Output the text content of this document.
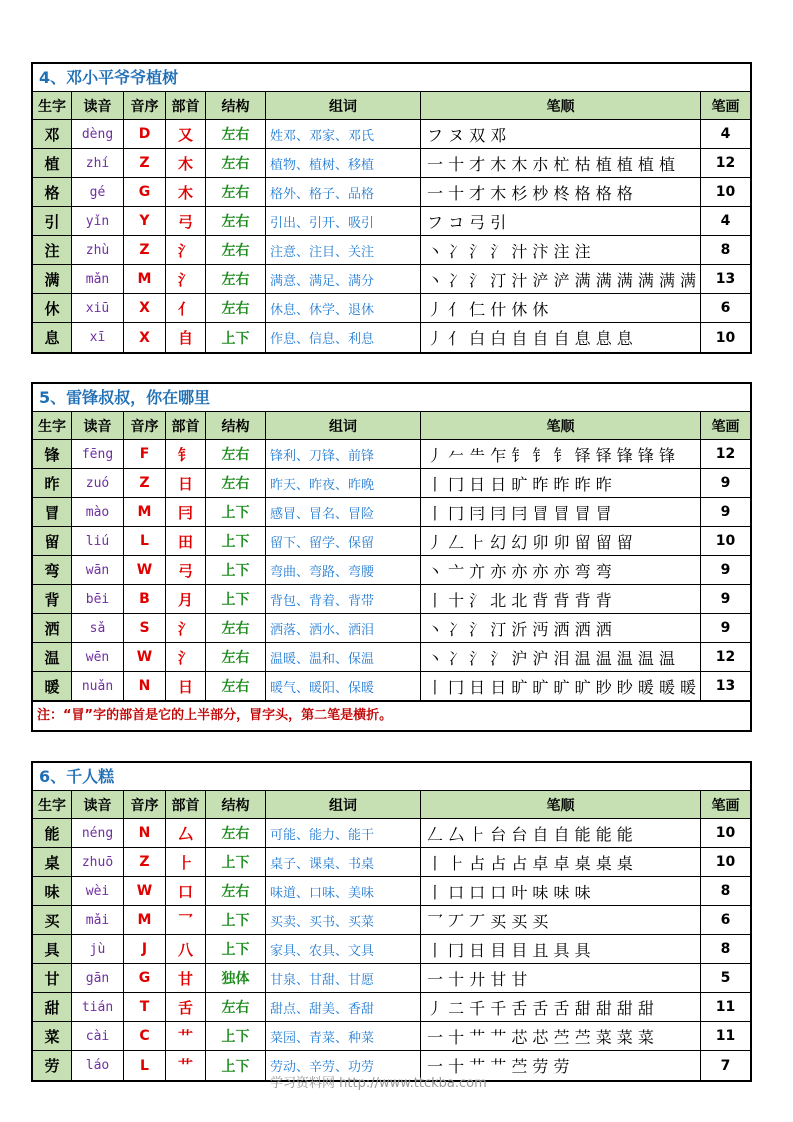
4、邓小平爷爷植树
生字	读音	音序 部首	结构	组词	笔顺	笔画
邓	dèng	D	又	左右	姓邓、邓家、邓氏	フ ヌ 双 邓	4
植	zhí	Z	木	左右	植物、植树、移植	一 十 才 木 木 朩 杧 枯 植 植 植 植	12
格	gé	G	木	左右	格外、格子、品格	一 十 才 木 杉 杪 柊 格 格 格	10
引	yǐn	Y	弓	左右	引出、引开、吸引	フ コ 弓 引	4
注	zhù	Z	氵	左右	注意、注目、关注	丶 冫 氵 氵 汁 汴 注 注	8
满	mǎn	M	氵	左右	满意、满足、满分	丶 冫 氵 汀 汁 浐 浐 满 满 满 满 满 满	13
休	xiū	X	亻	左右	休息、休学、退休	丿 亻 仁 什 休 休	6
息	xī	X	自	上下	作息、信息、利息	丿 亻 白 白 自 自 自 息 息 息	10
5、雷锋叔叔，你在哪里
生字	读音	音序 部首	结构	组词	笔顺	笔画
锋	fēng	F	钅	左右	锋利、刀锋、前锋	丿 𠂉 ⺧ 乍 钅 钅 钅 铎 铎 锋 锋 锋	12
昨	zuó	Z	日	左右	昨天、昨夜、昨晚	丨 冂 日 日 旷 昨 昨 昨 昨	9
冒	mào	M	冃	上下	感冒、冒名、冒险	丨 冂 冃 冃 冃 冒 冒 冒 冒	9
留	liú	L	田	上下	留下、留学、保留	丿 𠃋 ⺊ 幻 幻 卯 卯 留 留 留	10
弯	wān	W	弓	上下	弯曲、弯路、弯腰	丶 亠 亣 亦 亦 亦 亦 弯 弯	9
背	bēi	B	月	上下	背包、背着、背带	丨 十 ⺡ 北 北 背 背 背 背	9
洒	sǎ	S	氵	左右	洒落、洒水、洒泪	丶 冫 氵 汀 沂 沔 洒 洒 洒	9
温	wēn	W	氵	左右	温暖、温和、保温	丶 冫 氵 氵 沪 沪 泪 温 温 温 温 温	12
暖	nuǎn	N	日	左右	暖气、暖阳、保暖	丨 冂 日 日 旷 旷 旷 旷 眇 眇 暖 暖 暖	13
注：“冒”字的部首是它的上半部分，冒字头，第二笔是横折。
6、千人糕
生字	读音	音序 部首	结构	组词	笔顺	笔画
能	néng	N	厶	左右	可能、能力、能干	𠃋 厶 ⺊ 台 台 自 自 能 能 能	10
桌	zhuō	Z	⺊	上下	桌子、课桌、书桌	丨 ⺊ 占 占 占 卓 卓 桌 桌 桌	10
味	wèi	W	口	左右	味道、口味、美味	丨 口 口 口 叶 味 味 味	8
买	mǎi	M	乛	上下	买卖、买书、买菜	乛 丆 丆 买 买 买	6
具	jù	J	八	上下	家具、农具、文具	丨 冂 日 目 目 且 具 具	8
甘	gān	G	甘	独体	甘泉、甘甜、甘愿	一 十 廾 甘 甘	5
甜	tián	T	舌	左右	甜点、甜美、香甜	丿 二 千 千 舌 舌 舌 甜 甜 甜 甜	11
菜	cài	C	艹	上下	菜园、青菜、种菜	一 十 艹 艹 芯 芯 苎 苎 菜 菜 菜	11
劳	láo	L	艹	上下	劳动、辛劳、功劳	一 十 艹 艹 苎 劳 劳	7
学习资料网 http://www.ttckba.com
